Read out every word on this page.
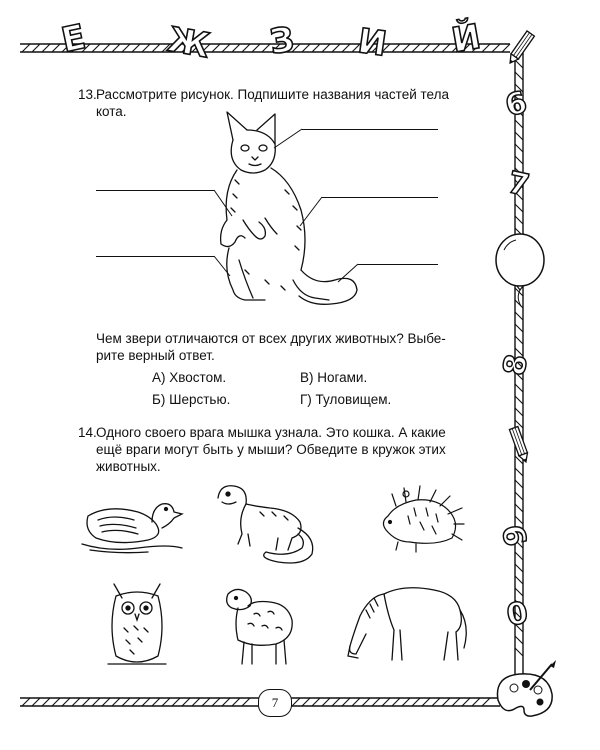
Е Ж З И Й
6
7
8
9
0
13.Рассмотрите рисунок. Подпишите названия частей тела
кота.
Чем звери отличаются от всех других животных? Выбе-
рите верный ответ.
А) Хвостом.	В) Ногами.
Б) Шерстью.	Г) Туловищем.
14.Одного своего врага мышка узнала. Это кошка. А какие
ещё враги могут быть у мыши? Обведите в кружок этих
животных.
7
